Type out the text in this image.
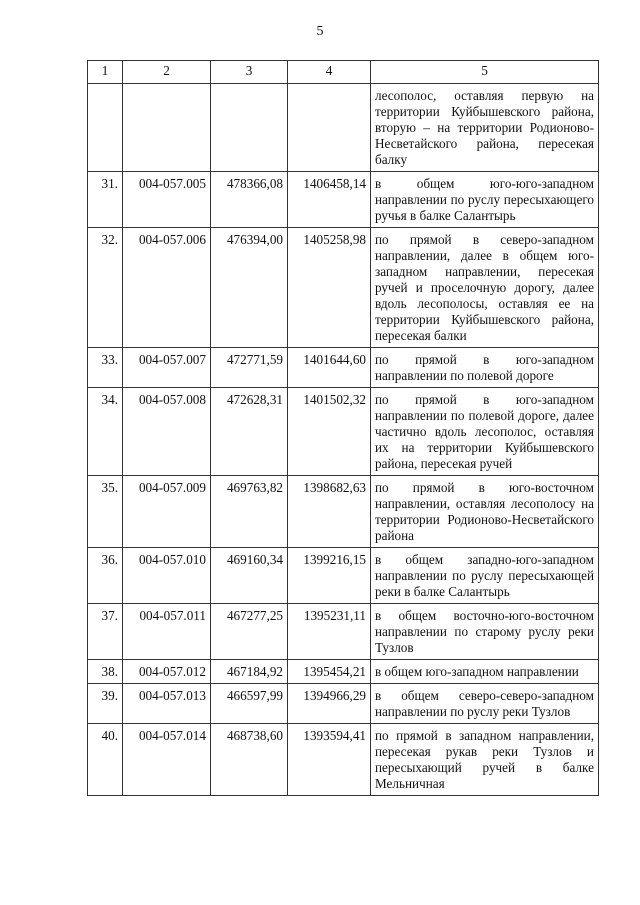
5
1	2	3	4	5
				лесополос, оставляя первую на территории Куйбышевского района, вторую – на территории Родионово-Несветайского района, пересекая балку
31.	004-057.005	478366,08	1406458,14	в общем юго-юго-западном направлении по руслу пересыхающего ручья в балке Салантырь
32.	004-057.006	476394,00	1405258,98	по прямой в северо-западном направлении, далее в общем юго-западном направлении, пересекая ручей и проселочную дорогу, далее вдоль лесополосы, оставляя ее на территории Куйбышевского района, пересекая балки
33.	004-057.007	472771,59	1401644,60	по прямой в юго-западном направлении по полевой дороге
34.	004-057.008	472628,31	1401502,32	по прямой в юго-западном направлении по полевой дороге, далее частично вдоль лесополос, оставляя их на территории Куйбышевского района, пересекая ручей
35.	004-057.009	469763,82	1398682,63	по прямой в юго-восточном направлении, оставляя лесополосу на территории Родионово-Несветайского района
36.	004-057.010	469160,34	1399216,15	в общем западно-юго-западном направлении по руслу пересыхающей реки в балке Салантырь
37.	004-057.011	467277,25	1395231,11	в общем восточно-юго-восточном направлении по старому руслу реки Тузлов
38.	004-057.012	467184,92	1395454,21	в общем юго-западном направлении
39.	004-057.013	466597,99	1394966,29	в общем северо-северо-западном направлении по руслу реки Тузлов
40.	004-057.014	468738,60	1393594,41	по прямой в западном направлении, пересекая рукав реки Тузлов и пересыхающий ручей в балке Мельничная
